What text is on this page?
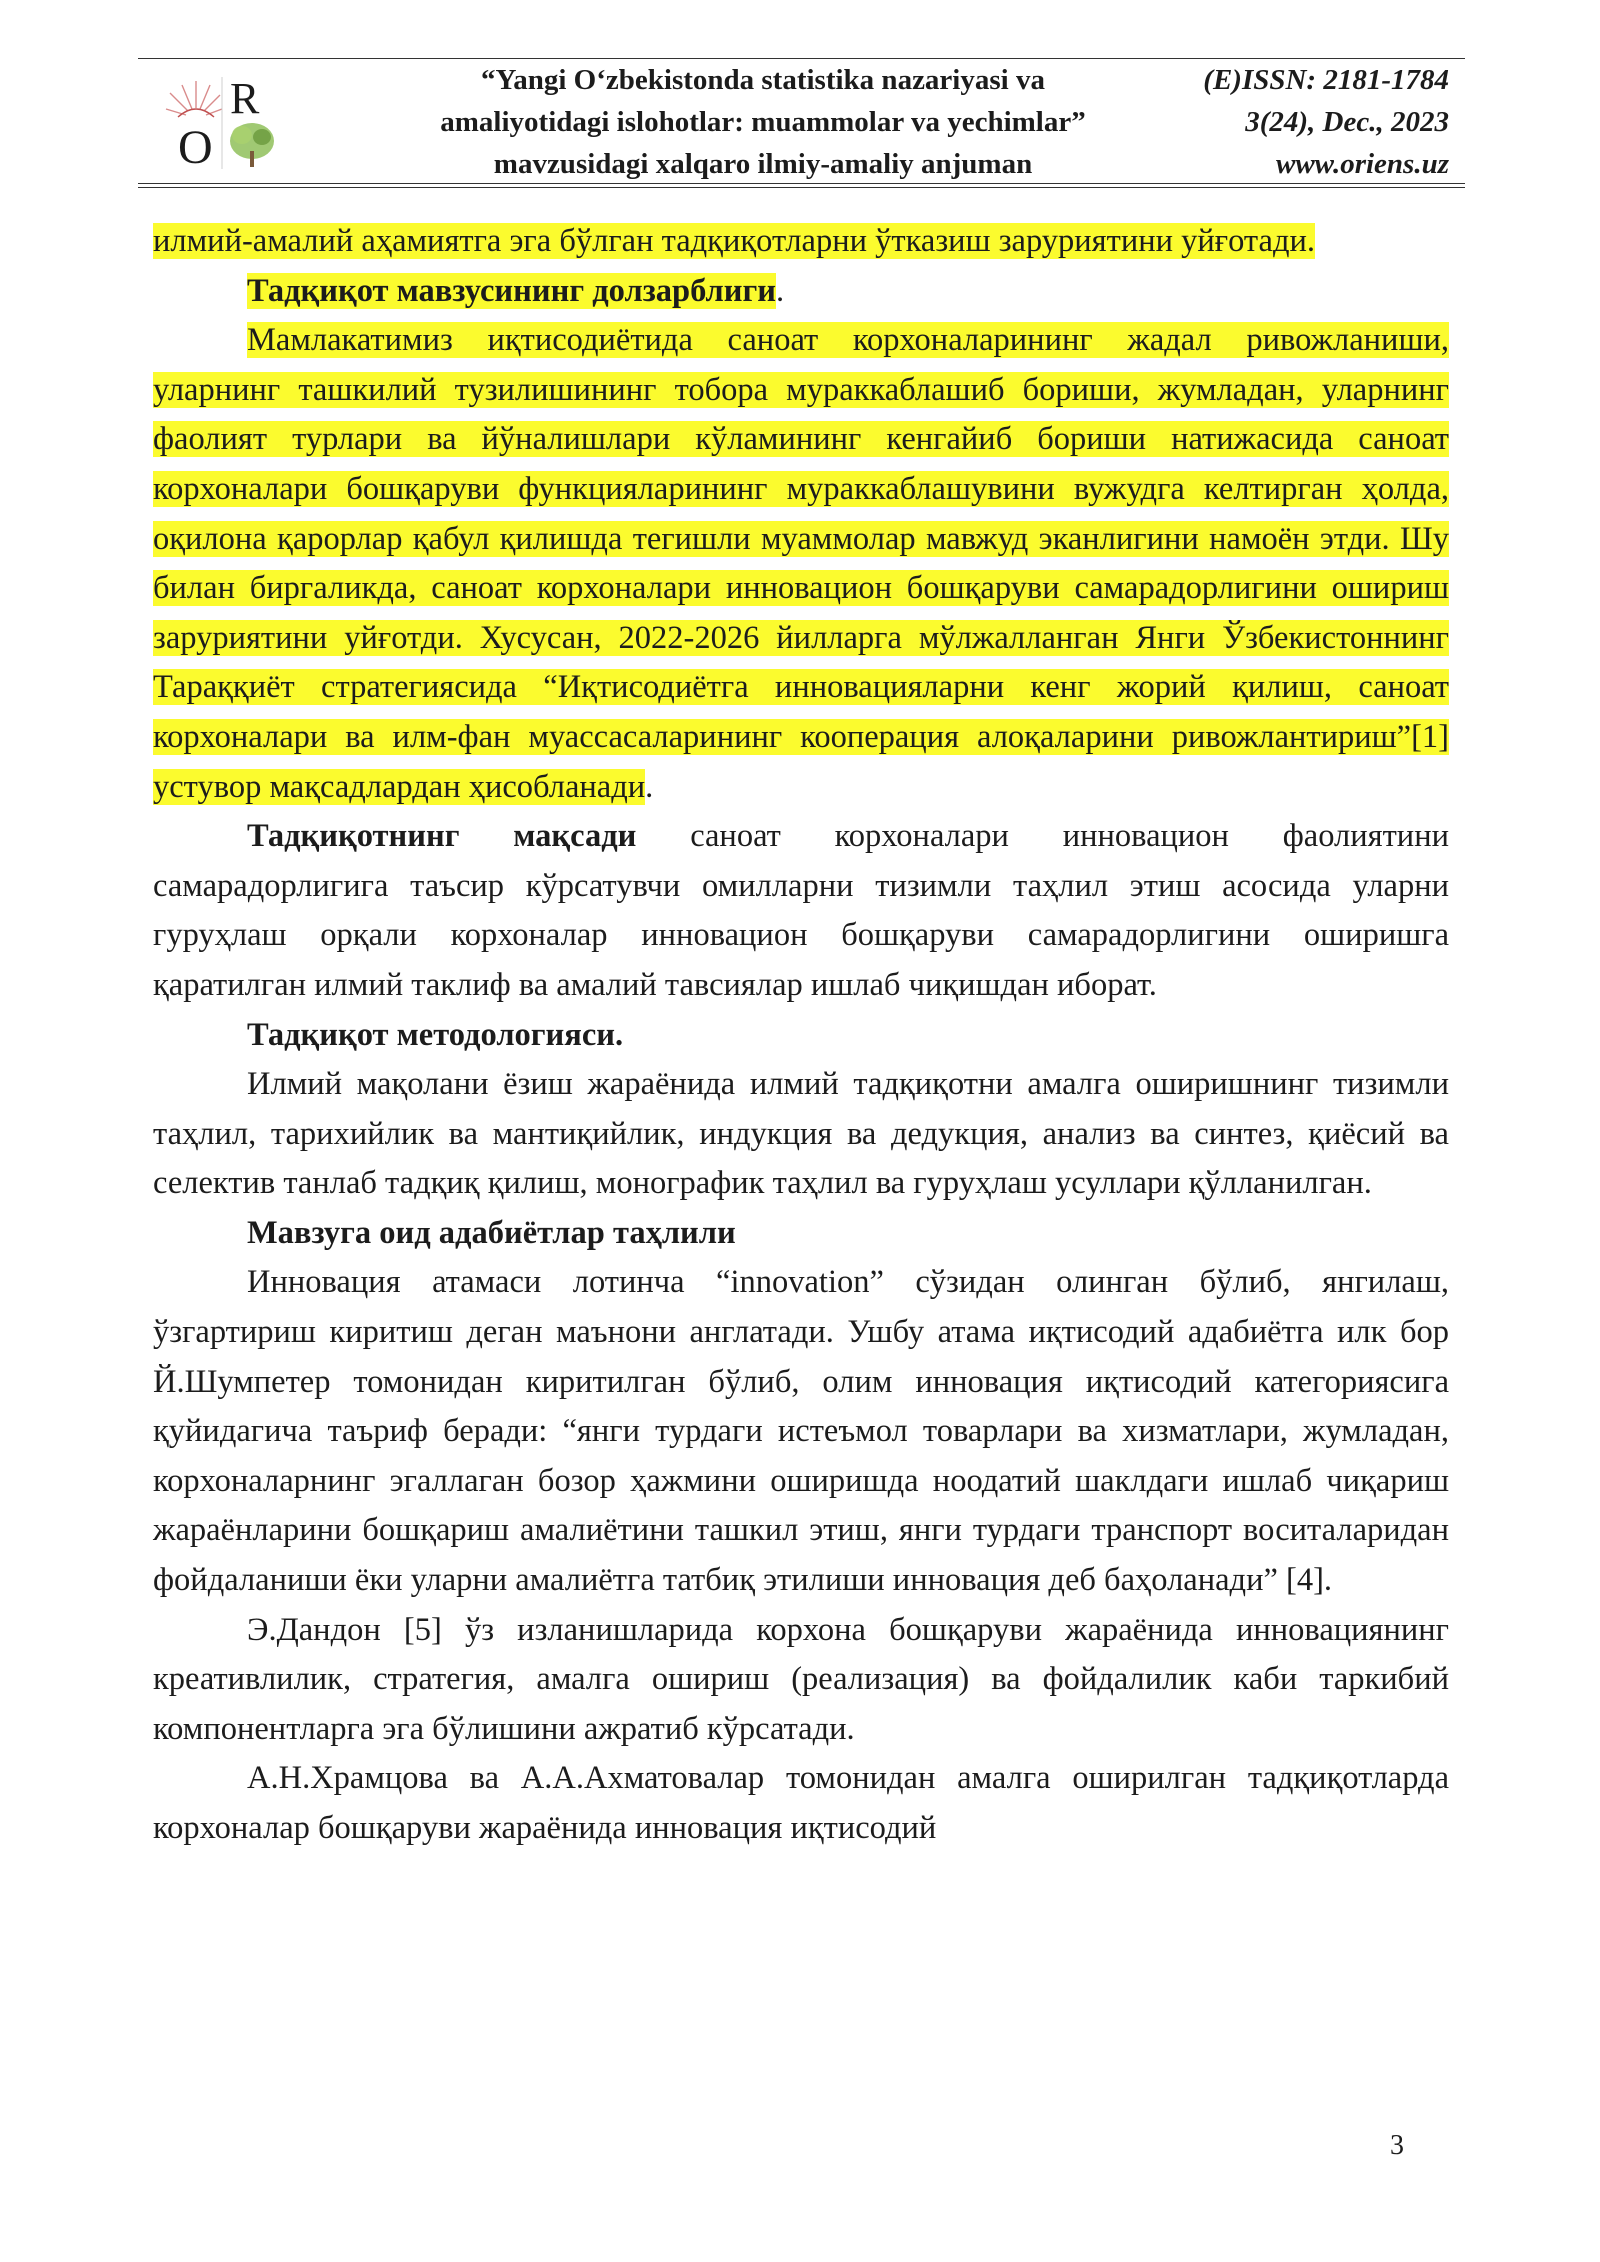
O
R	“Yangi O‘zbekistonda statistika nazariyasi va
amaliyotidagi islohotlar: muammolar va yechimlar”
mavzusidagi xalqaro ilmiy-amaliy anjuman
(E)ISSN: 2181-1784
3(24), Dec., 2023
www.oriens.uz

илмий-амалий аҳамиятга эга бўлган тадқиқотларни ўтказиш заруриятини уйғотади.

Тадқиқот мавзусининг долзарблиги.

Мамлакатимиз иқтисодиётида саноат корхоналарининг жадал ривожланиши, уларнинг ташкилий тузилишининг тобора мураккаблашиб бориши, жумладан, уларнинг фаолият турлари ва йўналишлари кўламининг кенгайиб бориши натижасида саноат корхоналари бошқаруви функцияларининг мураккаблашувини вужудга келтирган ҳолда, оқилона қарорлар қабул қилишда тегишли муаммолар мавжуд эканлигини намоён этди. Шу билан биргаликда, саноат корхоналари инновацион бошқаруви самарадорлигини ошириш заруриятини уйғотди. Хусусан, 2022-2026 йилларга мўлжалланган Янги Ўзбекистоннинг Тараққиёт стратегиясида “Иқтисодиётга инновацияларни кенг жорий қилиш, саноат корхоналари ва илм-фан муассасаларининг кооперация алоқаларини ривожлантириш”[1] устувор мақсадлардан ҳисобланади.

Тадқиқотнинг мақсади саноат корхоналари инновацион фаолиятини самарадорлигига таъсир кўрсатувчи омилларни тизимли таҳлил этиш асосида уларни гуруҳлаш орқали корхоналар инновацион бошқаруви самарадорлигини оширишга қаратилган илмий таклиф ва амалий тавсиялар ишлаб чиқишдан иборат.

Тадқиқот методологияси.

Илмий мақолани ёзиш жараёнида илмий тадқиқотни амалга оширишнинг тизимли таҳлил, тарихийлик ва мантиқийлик, индукция ва дедукция, анализ ва синтез, қиёсий ва селектив танлаб тадқиқ қилиш, монографик таҳлил ва гуруҳлаш усуллари қўлланилган.

Мавзуга оид адабиётлар таҳлили

Инновация атамаси лотинча “innovation” сўзидан олинган бўлиб, янгилаш, ўзгартириш киритиш деган маънони англатади. Ушбу атама иқтисодий адабиётга илк бор Й.Шумпетер томонидан киритилган бўлиб, олим инновация иқтисодий категориясига қуйидагича таъриф беради: “янги турдаги истеъмол товарлари ва хизматлари, жумладан, корхоналарнинг эгаллаган бозор ҳажмини оширишда ноодатий шаклдаги ишлаб чиқариш жараёнларини бошқариш амалиётини ташкил этиш, янги турдаги транспорт воситаларидан фойдаланиши ёки уларни амалиётга татбиқ этилиши инновация деб баҳоланади” [4].

Э.Дандон [5] ўз изланишларида корхона бошқаруви жараёнида инновациянинг креативлилик, стратегия, амалга ошириш (реализация) ва фойдалилик каби таркибий компонентларга эга бўлишини ажратиб кўрсатади.

А.Н.Храмцова ва А.А.Ахматовалар томонидан амалга оширилган тадқиқотларда корхоналар бошқаруви жараёнида инновация иқтисодий

3
